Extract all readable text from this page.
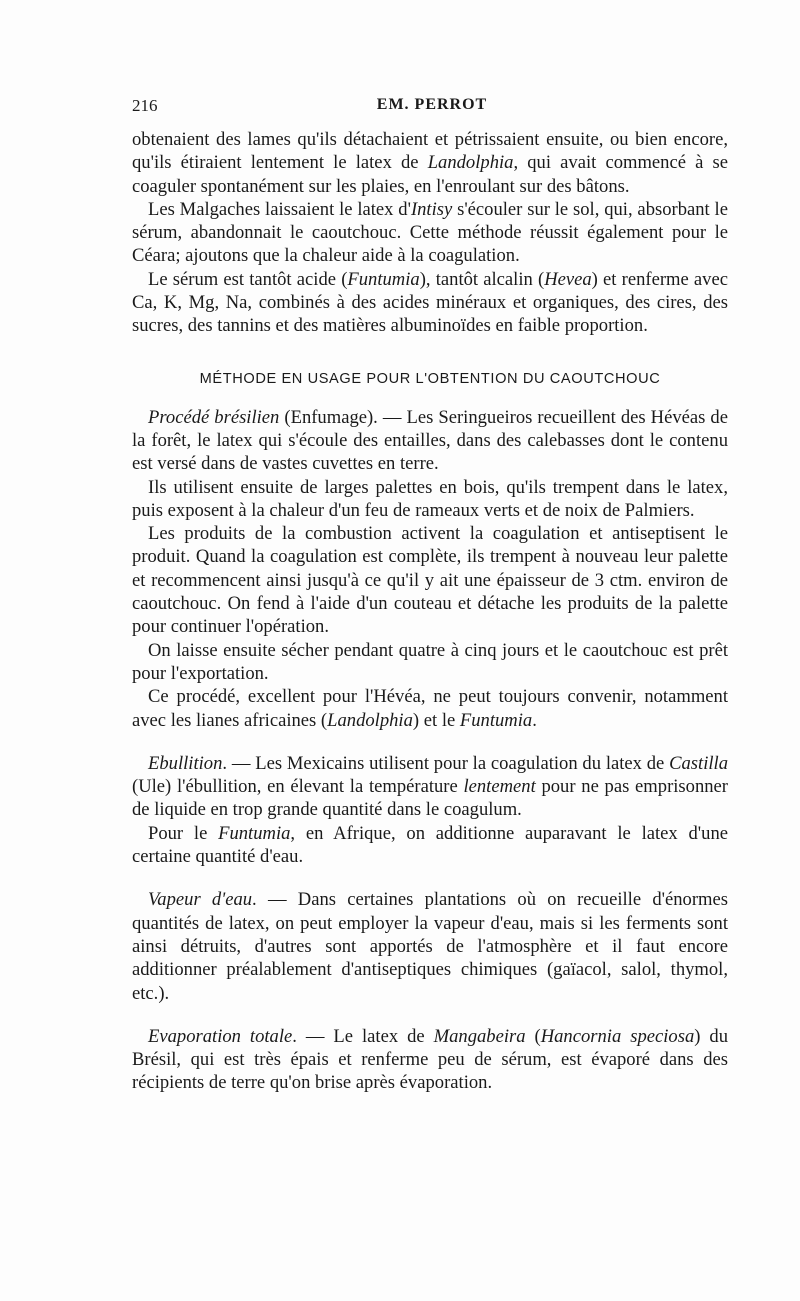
216	EM. PERROT

obtenaient des lames qu'ils détachaient et pétrissaient ensuite, ou bien encore, qu'ils étiraient lentement le latex de Landolphia, qui avait commencé à se coaguler spontanément sur les plaies, en l'enroulant sur des bâtons.

Les Malgaches laissaient le latex d'Intisy s'écouler sur le sol, qui, absorbant le sérum, abandonnait le caoutchouc. Cette méthode réussit également pour le Céara; ajoutons que la chaleur aide à la coagulation.

Le sérum est tantôt acide (Funtumia), tantôt alcalin (Hevea) et renferme avec Ca, K, Mg, Na, combinés à des acides minéraux et organiques, des cires, des sucres, des tannins et des matières albuminoïdes en faible proportion.

MÉTHODE EN USAGE POUR L'OBTENTION DU CAOUTCHOUC

Procédé brésilien (Enfumage). — Les Seringueiros recueillent des Hévéas de la forêt, le latex qui s'écoule des entailles, dans des calebasses dont le contenu est versé dans de vastes cuvettes en terre.

Ils utilisent ensuite de larges palettes en bois, qu'ils trempent dans le latex, puis exposent à la chaleur d'un feu de rameaux verts et de noix de Palmiers.

Les produits de la combustion activent la coagulation et antiseptisent le produit. Quand la coagulation est complète, ils trempent à nouveau leur palette et recommencent ainsi jusqu'à ce qu'il y ait une épaisseur de 3 ctm. environ de caoutchouc. On fend à l'aide d'un couteau et détache les produits de la palette pour continuer l'opération.

On laisse ensuite sécher pendant quatre à cinq jours et le caoutchouc est prêt pour l'exportation.

Ce procédé, excellent pour l'Hévéa, ne peut toujours convenir, notamment avec les lianes africaines (Landolphia) et le Funtumia.

Ebullition. — Les Mexicains utilisent pour la coagulation du latex de Castilla (Ule) l'ébullition, en élevant la température lentement pour ne pas emprisonner de liquide en trop grande quantité dans le coagulum.

Pour le Funtumia, en Afrique, on additionne auparavant le latex d'une certaine quantité d'eau.

Vapeur d'eau. — Dans certaines plantations où on recueille d'énormes quantités de latex, on peut employer la vapeur d'eau, mais si les ferments sont ainsi détruits, d'autres sont apportés de l'atmosphère et il faut encore additionner préalablement d'antiseptiques chimiques (gaïacol, salol, thymol, etc.).

Evaporation totale. — Le latex de Mangabeira (Hancornia speciosa) du Brésil, qui est très épais et renferme peu de sérum, est évaporé dans des récipients de terre qu'on brise après évaporation.
